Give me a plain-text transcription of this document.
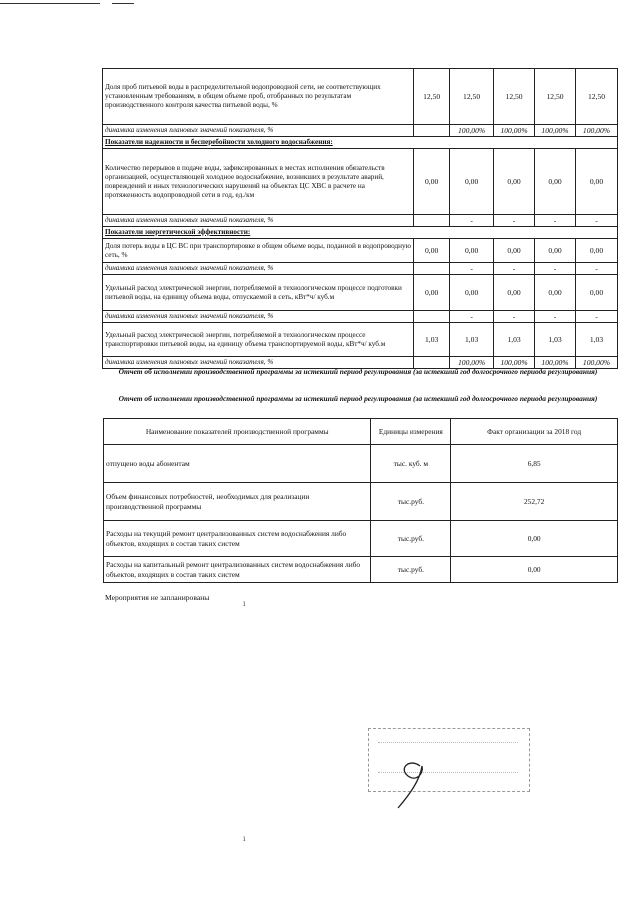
Доля проб питьевой воды в распределительной водопроводной сети, не соответствующих установленным требованиям, в общем объеме проб, отобранных по результатам производственного контроля качества питьевой воды, %	12,50	12,50	12,50	12,50	12,50
динамика изменения плановых значений показателя, %		100,00%	100,00%	100,00%	100,00%
Показатели надежности и бесперебойности холодного водоснабжения:					
Количество перерывов в подаче воды, зафиксированных в местах исполнения обязательств организацией, осуществляющей холодное водоснабжение, возникших в результате аварий, повреждений и иных технологических нарушений на объектах ЦС ХВС в расчете на протяженность водопроводной сети в год, ед./км	0,00	0,00	0,00	0,00	0,00
динамика изменения плановых значений показателя, %		-	-	-	-
Показатели энергетической эффективности:					
Доля потерь воды в ЦС ВС при транспортировке в общем объеме воды, поданной в водопроводную сеть, %	0,00	0,00	0,00	0,00	0,00
динамика изменения плановых значений показателя, %		-	-	-	-
Удельный расход электрической энергии, потребляемой в технологическом процессе подготовки питьевой воды, на единицу объема воды, отпускаемой в сеть, кВт*ч/ куб.м	0,00	0,00	0,00	0,00	0,00
динамика изменения плановых значений показателя, %		-	-	-	-
Удельный расход электрической энергии, потребляемой в технологическом процессе транспортировки питьевой воды, на единицу объема транспортируемой воды, кВт*ч/ куб.м	1,03	1,03	1,03	1,03	1,03
динамика изменения плановых значений показателя, %		100,00%	100,00%	100,00%	100,00%
Отчет об исполнении производственной программы за истекший период регулирования (за истекший год долгосрочного периода регулирования)
Отчет об исполнении производственной программы за истекший период регулирования (за истекший год долгосрочного периода регулирования)
Наименование показателей производственной программы	Единицы измерения	Факт организации за 2018 год
отпущено воды абонентам	тыс. куб. м	6,85
Объем финансовых потребностей, необходимых для реализации производственной программы	тыс.руб.	252,72
Расходы на текущий ремонт централизованных систем водоснабжения либо объектов, входящих в состав таких систем	тыс.руб.	0,00
Расходы на капитальный ремонт централизованных систем водоснабжения либо объектов, входящих в состав таких систем	тыс.руб.	0,00
Мероприятия не запланированы
ı
ı
